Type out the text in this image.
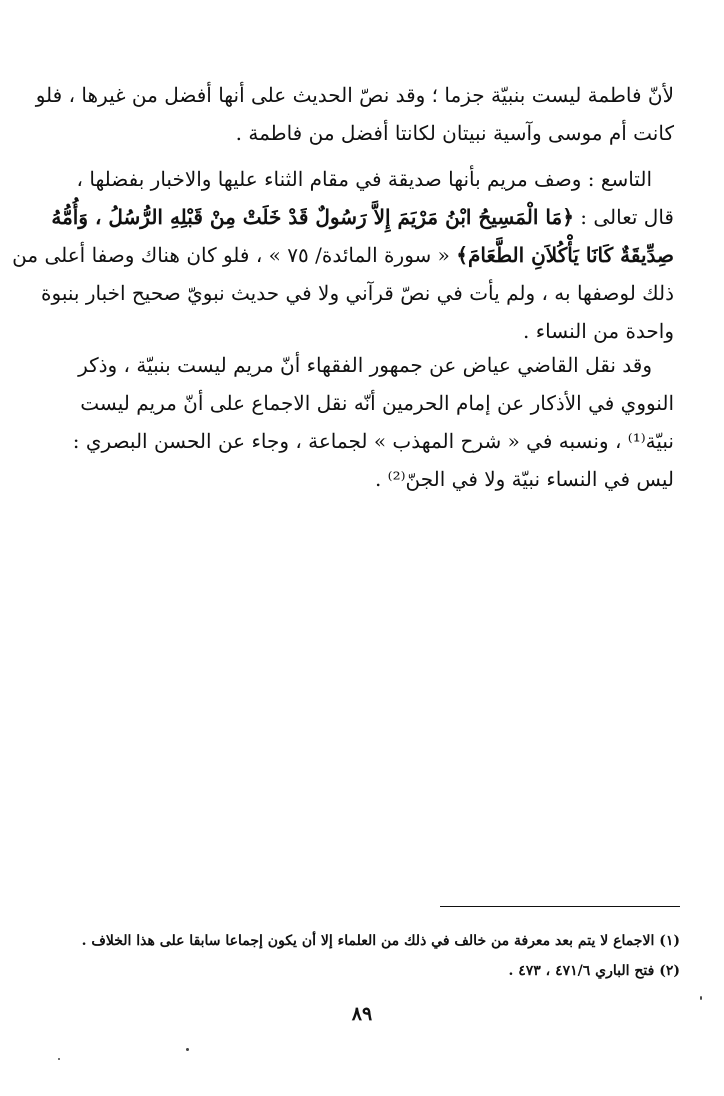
لأنّ فاطمة ليست بنبيّة جزما ؛ وقد نصّ الحديث على أنها أفضل من غيرها ، فلو
كانت أم موسى وآسية نبيتان لكانتا أفضل من فاطمة .
التاسع : وصف مريم بأنها صديقة في مقام الثناء عليها والاخبار بفضلها ،
قال تعالى : ﴿مَا الْمَسِيحُ ابْنُ مَرْيَمَ إِلاَّ رَسُولٌ قَدْ خَلَتْ مِنْ قَبْلِهِ الرُّسُلُ ، وَأُمُّهُ
صِدِّيقَةٌ كَانَا يَأْكُلاَنِ الطَّعَامَ﴾ « سورة المائدة/ ٧٥ » ، فلو كان هناك وصفا أعلى من
ذلك لوصفها به ، ولم يأت في نصّ قرآني ولا في حديث نبويّ صحيح اخبار بنبوة
واحدة من النساء .
وقد نقل القاضي عياض عن جمهور الفقهاء أنّ مريم ليست بنبيّة ، وذكر
النووي في الأذكار عن إمام الحرمين أنّه نقل الاجماع على أنّ مريم ليست
نبيّة⁽¹⁾ ، ونسبه في « شرح المهذب » لجماعة ، وجاء عن الحسن البصري :
ليس في النساء نبيّة ولا في الجنّ⁽²⁾ .
(١) الاجماع لا يتم بعد معرفة من خالف في ذلك من العلماء إلا أن يكون إجماعا سابقا على هذا الخلاف .
(٢) فتح الباري ٤٧١/٦ ، ٤٧٣ .
٨٩
